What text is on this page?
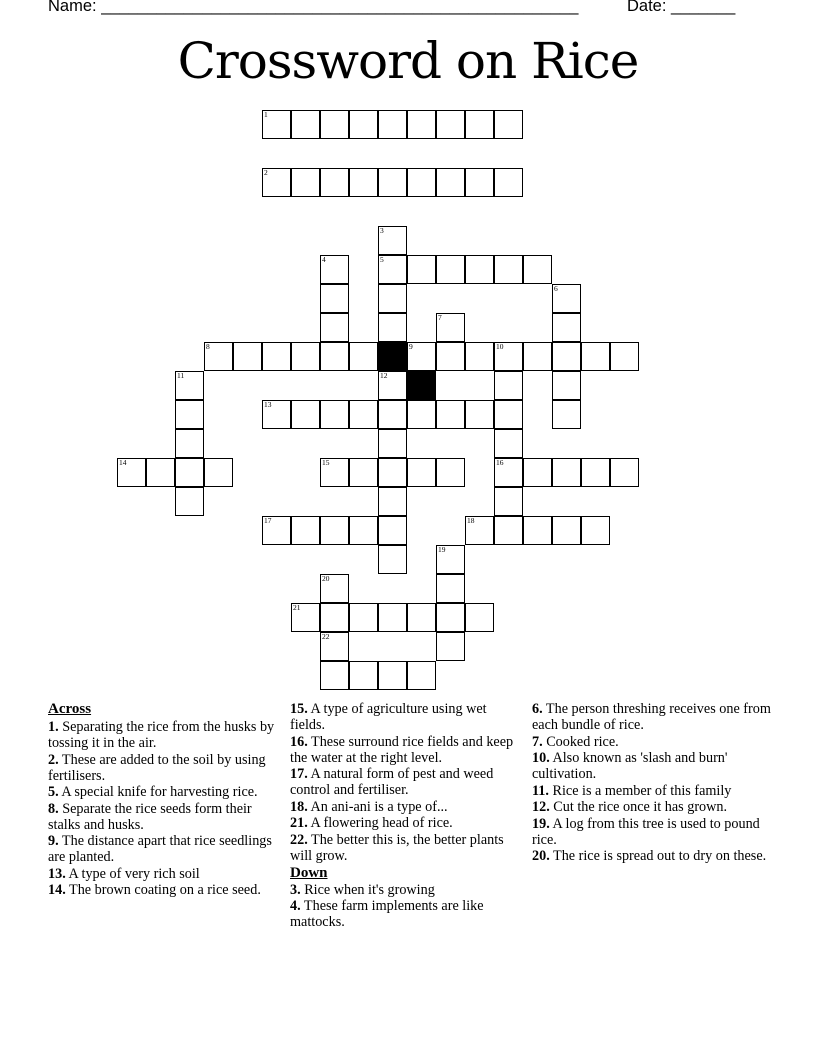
Name: ____________________________________________________	Date: _______
Crossword on Rice
1
2
3
4	5
6
7
8	9	10
11	12
13
14	15	16
17	18
19
20
21
22
Across
1. Separating the rice from the husks by tossing it in the air.
2. These are added to the soil by using fertilisers.
5. A special knife for harvesting rice.
8. Separate the rice seeds form their stalks and husks.
9. The distance apart that rice seedlings are planted.
13. A type of very rich soil
14. The brown coating on a rice seed.
15. A type of agriculture using wet fields.
16. These surround rice fields and keep the water at the right level.
17. A natural form of pest and weed control and fertiliser.
18. An ani-ani is a type of...
21. A flowering head of rice.
22. The better this is, the better plants will grow.
Down
3. Rice when it's growing
4. These farm implements are like mattocks.
6. The person threshing receives one from each bundle of rice.
7. Cooked rice.
10. Also known as 'slash and burn' cultivation.
11. Rice is a member of this family
12. Cut the rice once it has grown.
19. A log from this tree is used to pound rice.
20. The rice is spread out to dry on these.
